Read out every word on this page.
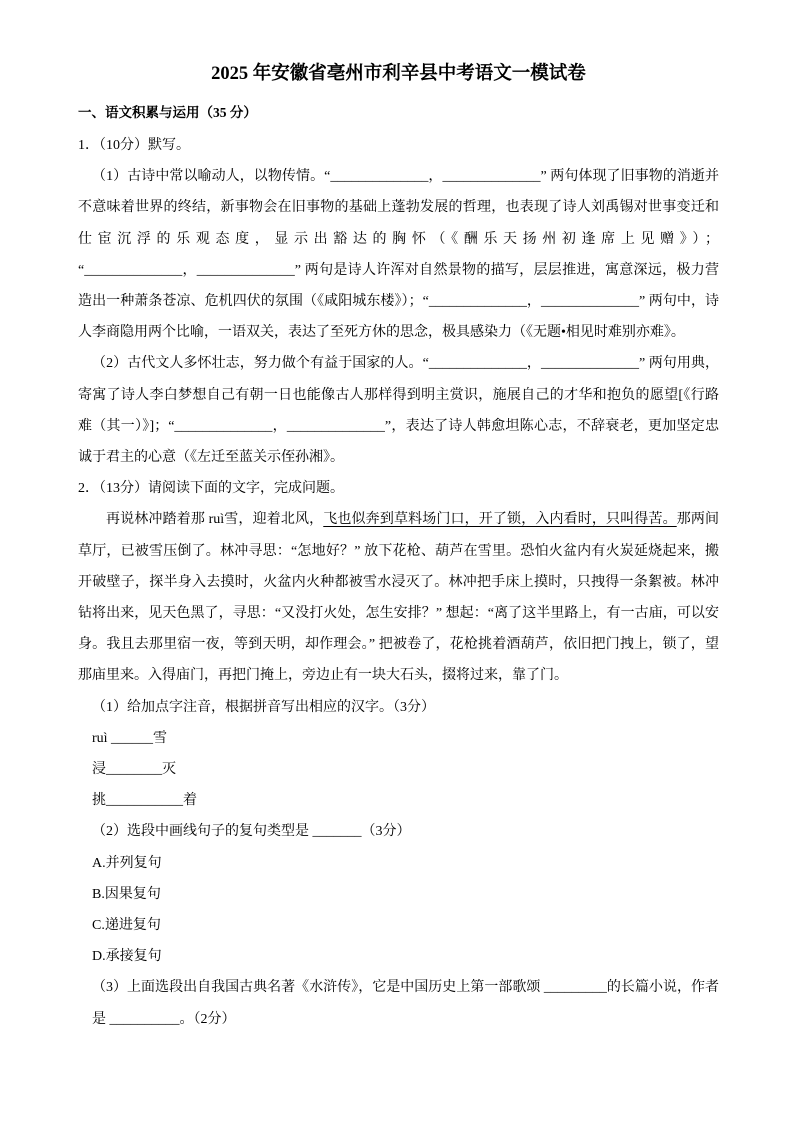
2025 年安徽省亳州市利辛县中考语文一模试卷
一、语文积累与运用（35 分）
1．（10分）默写。
（1）古诗中常以喻动人，以物传情。“______________，______________” 两句体现了旧事物的消逝并不意味着世界的终结，新事物会在旧事物的基础上蓬勃发展的哲理，也表现了诗人刘禹锡对世事变迁和仕宦沉浮的乐观态度，显示出豁达的胸怀（《酬乐天扬州初逢席上见赠》）；“______________，______________” 两句是诗人许浑对自然景物的描写，层层推进，寓意深远，极力营造出一种萧条苍凉、危机四伏的氛围（《咸阳城东楼》）；“______________，______________” 两句中，诗人李商隐用两个比喻，一语双关，表达了至死方休的思念，极具感染力（《无题•相见时难别亦难》。
（2）古代文人多怀壮志，努力做个有益于国家的人。“______________，______________” 两句用典，寄寓了诗人李白梦想自己有朝一日也能像古人那样得到明主赏识，施展自己的才华和抱负的愿望[《行路难（其一）》]；“______________，______________”，表达了诗人韩愈坦陈心志，不辞衰老，更加坚定忠诚于君主的心意（《左迁至蓝关示侄孙湘》。
2．（13分）请阅读下面的文字，完成问题。
再说林冲踏着那 ruì雪，迎着北风，飞也似奔到草料场门口，开了锁，入内看时，只叫得苦。那两间草厅，已被雪压倒了。林冲寻思：“怎地好？” 放下花枪、葫芦在雪里。恐怕火盆内有火炭延烧起来，搬开破壁子，探半身入去摸时，火盆内火种都被雪水浸灭了。林冲把手床上摸时，只拽得一条絮被。林冲钻将出来，见天色黑了，寻思：“又没打火处，怎生安排？” 想起：“离了这半里路上，有一古庙，可以安身。我且去那里宿一夜，等到天明，却作理会。” 把被卷了，花枪挑着酒葫芦，依旧把门拽上，锁了，望那庙里来。入得庙门，再把门掩上，旁边止有一块大石头，掇将过来，靠了门。
（1）给加点字注音，根据拼音写出相应的汉字。（3分）
ruì ______雪
浸________灭
挑___________着
（2）选段中画线句子的复句类型是 _______（3分）
A.并列复句
B.因果复句
C.递进复句
D.承接复句
（3）上面选段出自我国古典名著《水浒传》，它是中国历史上第一部歌颂 _________的长篇小说，作者是 __________。（2分）
